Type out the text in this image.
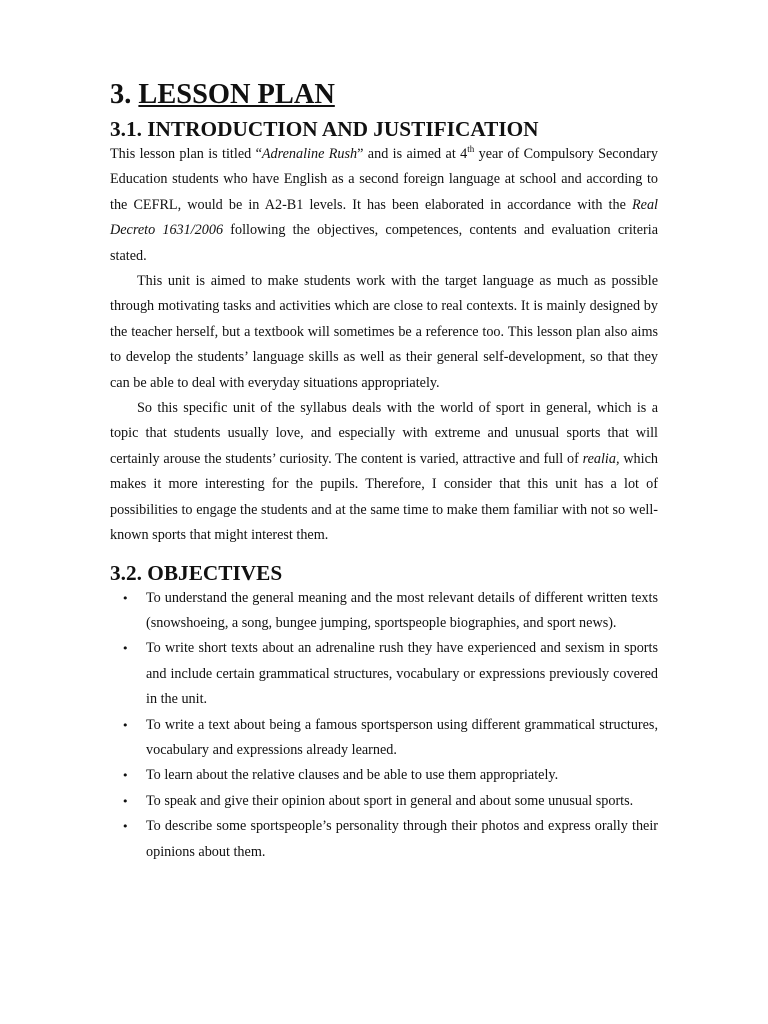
3. LESSON PLAN
3.1. INTRODUCTION AND JUSTIFICATION

This lesson plan is titled “Adrenaline Rush” and is aimed at 4th year of Compulsory Secondary Education students who have English as a second foreign language at school and according to the CEFRL, would be in A2-B1 levels. It has been elaborated in accordance with the Real Decreto 1631/2006 following the objectives, competences, contents and evaluation criteria stated.

This unit is aimed to make students work with the target language as much as possible through motivating tasks and activities which are close to real contexts. It is mainly designed by the teacher herself, but a textbook will sometimes be a reference too. This lesson plan also aims to develop the students’ language skills as well as their general self-development, so that they can be able to deal with everyday situations appropriately.

So this specific unit of the syllabus deals with the world of sport in general, which is a topic that students usually love, and especially with extreme and unusual sports that will certainly arouse the students’ curiosity. The content is varied, attractive and full of realia, which makes it more interesting for the pupils. Therefore, I consider that this unit has a lot of possibilities to engage the students and at the same time to make them familiar with not so well-known sports that might interest them.

3.2. OBJECTIVES
• To understand the general meaning and the most relevant details of different written texts (snowshoeing, a song, bungee jumping, sportspeople biographies, and sport news).
• To write short texts about an adrenaline rush they have experienced and sexism in sports and include certain grammatical structures, vocabulary or expressions previously covered in the unit.
• To write a text about being a famous sportsperson using different grammatical structures, vocabulary and expressions already learned.
• To learn about the relative clauses and be able to use them appropriately.
• To speak and give their opinion about sport in general and about some unusual sports.
• To describe some sportspeople’s personality through their photos and express orally their opinions about them.
